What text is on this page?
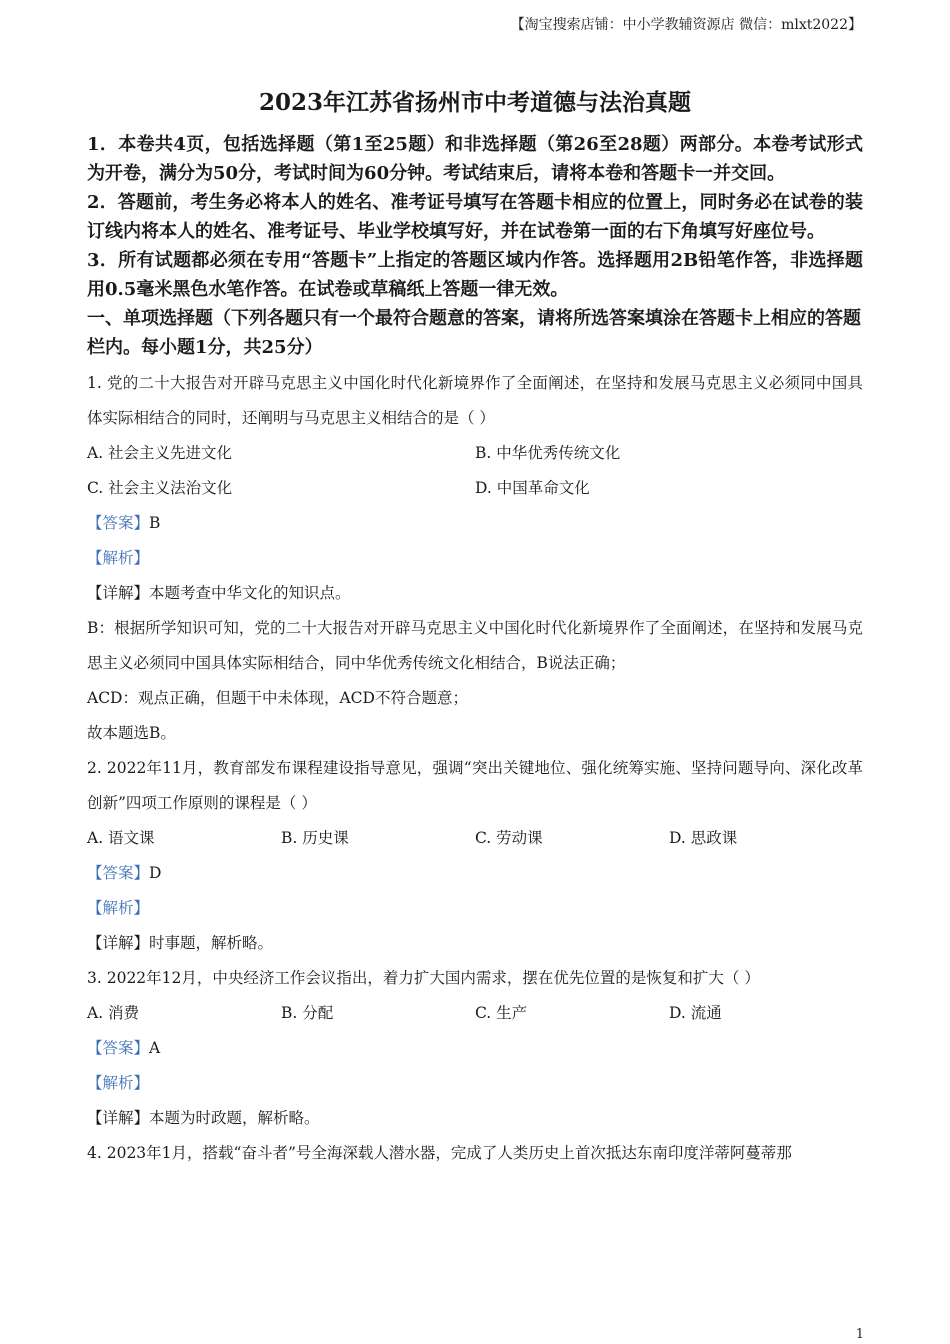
【淘宝搜索店铺：中小学教辅资源店 微信：mlxt2022】
2023年江苏省扬州市中考道德与法治真题

1．本卷共4页，包括选择题（第1至25题）和非选择题（第26至28题）两部分。本卷考试形式为开卷，满分为50分，考试时间为60分钟。考试结束后，请将本卷和答题卡一并交回。

2．答题前，考生务必将本人的姓名、准考证号填写在答题卡相应的位置上，同时务必在试卷的装订线内将本人的姓名、准考证号、毕业学校填写好，并在试卷第一面的右下角填写好座位号。

3．所有试题都必须在专用“答题卡”上指定的答题区域内作答。选择题用2B铅笔作答，非选择题用0.5毫米黑色水笔作答。在试卷或草稿纸上答题一律无效。

一、单项选择题（下列各题只有一个最符合题意的答案，请将所选答案填涂在答题卡上相应的答题栏内。每小题1分，共25分）

1. 党的二十大报告对开辟马克思主义中国化时代化新境界作了全面阐述，在坚持和发展马克思主义必须同中国具体实际相结合的同时，还阐明与马克思主义相结合的是（ ）

A. 社会主义先进文化	B. 中华优秀传统文化
C. 社会主义法治文化	D. 中国革命文化

【答案】B

【解析】

【详解】本题考查中华文化的知识点。

B：根据所学知识可知，党的二十大报告对开辟马克思主义中国化时代化新境界作了全面阐述，在坚持和发展马克思主义必须同中国具体实际相结合，同中华优秀传统文化相结合，B说法正确；

ACD：观点正确，但题干中未体现，ACD不符合题意；

故本题选B。

2. 2022年11月，教育部发布课程建设指导意见，强调“突出关键地位、强化统筹实施、坚持问题导向、深化改革创新”四项工作原则的课程是（ ）

A. 语文课	B. 历史课	C. 劳动课	D. 思政课

【答案】D

【解析】

【详解】时事题，解析略。

3. 2022年12月，中央经济工作会议指出，着力扩大国内需求，摆在优先位置的是恢复和扩大（ ）

A. 消费	B. 分配	C. 生产	D. 流通

【答案】A

【解析】

【详解】本题为时政题，解析略。

4. 2023年1月，搭载“奋斗者”号全海深载人潜水器，完成了人类历史上首次抵达东南印度洋蒂阿蔓蒂那

1
